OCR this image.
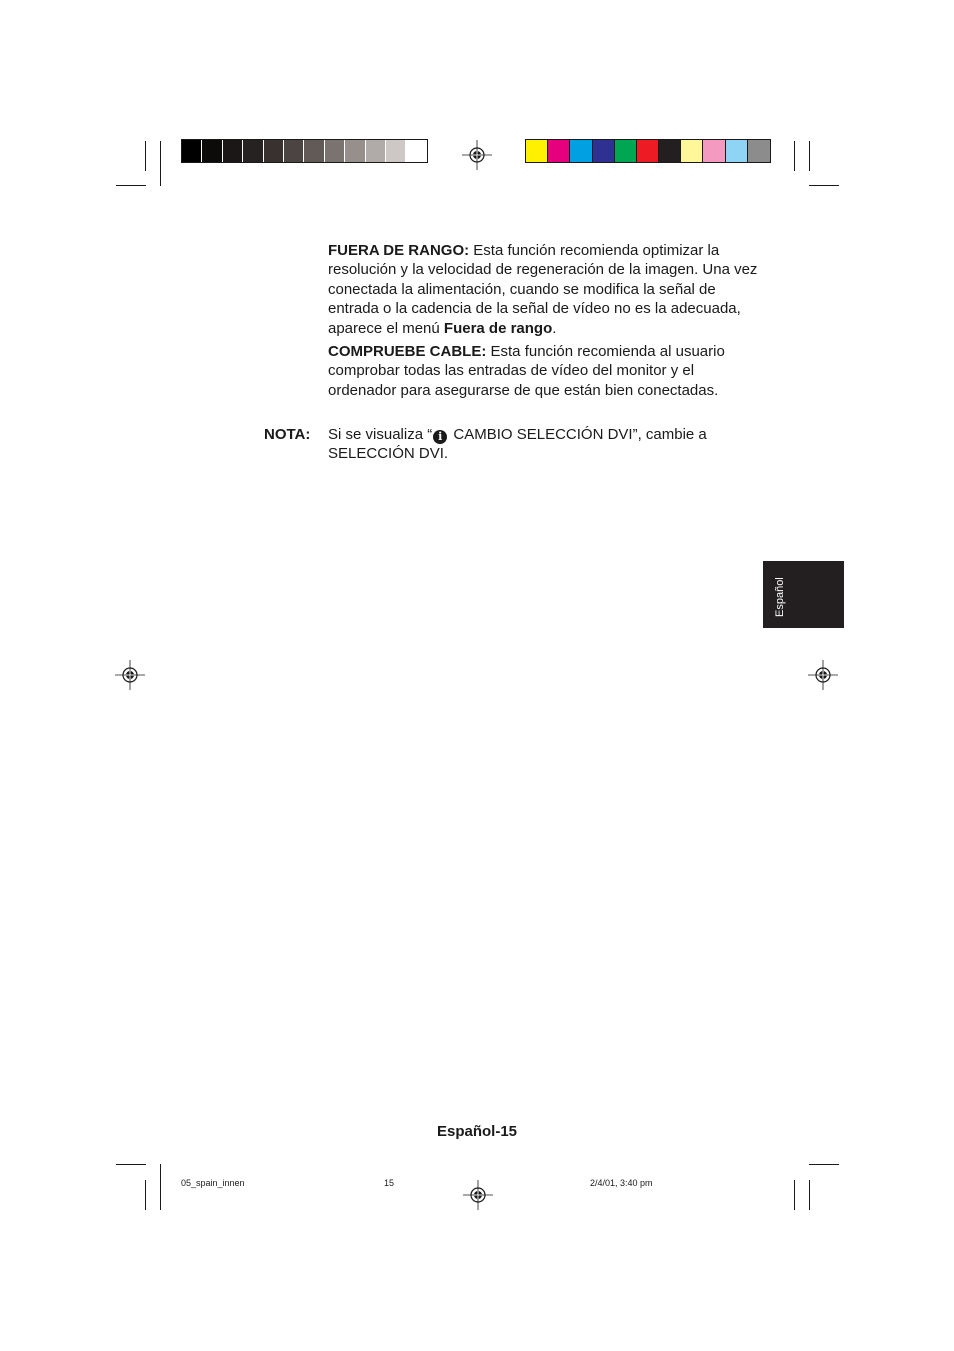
FUERA DE RANGO: Esta función recomienda optimizar la resolución y la velocidad de regeneración de la imagen. Una vez conectada la alimentación, cuando se modifica la señal de entrada o la cadencia de la señal de vídeo no es la adecuada, aparece el menú Fuera de rango.
COMPRUEBE CABLE: Esta función recomienda al usuario comprobar todas las entradas de vídeo del monitor y el ordenador para asegurarse de que están bien conectadas.
NOTA: Si se visualiza “ i CAMBIO SELECCIÓN DVI”, cambie a SELECCIÓN DVI.
Español
Español-15
05_spain_innen	15	2/4/01, 3:40 pm
